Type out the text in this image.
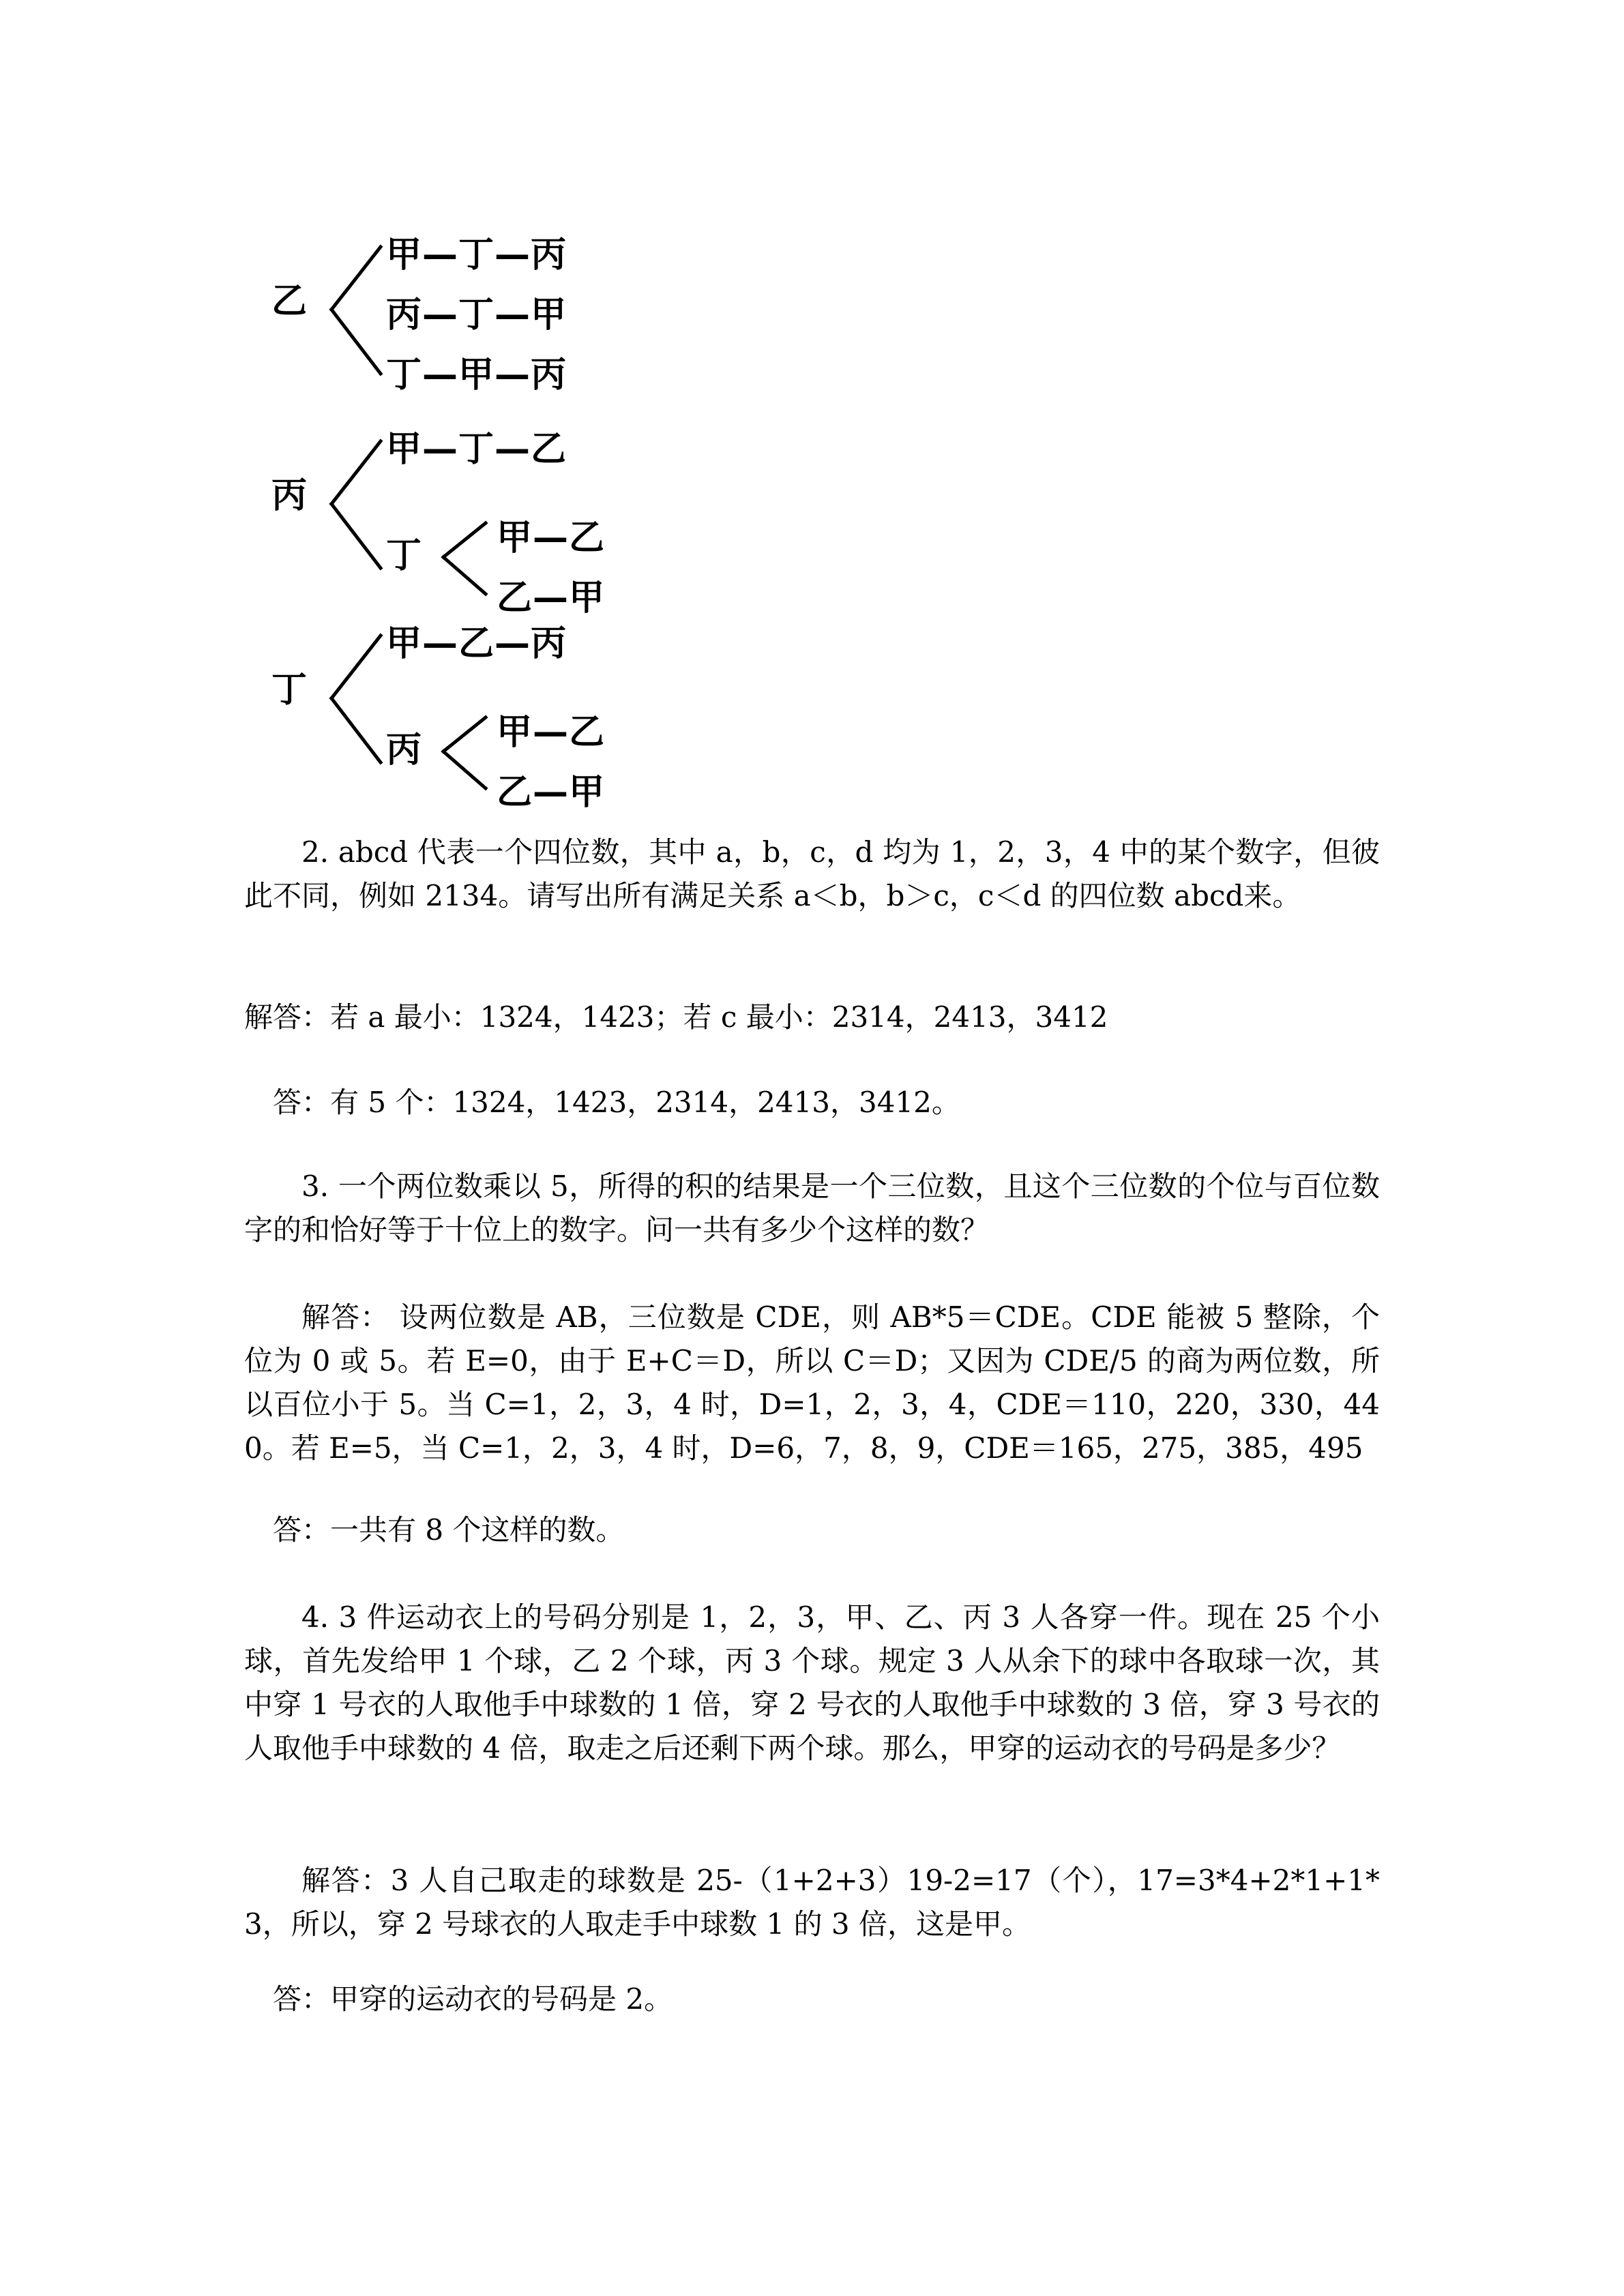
乙
甲—丁—丙
丙—丁—甲
丁—甲—丙
丙
甲—丁—乙
丁 甲—乙
乙—甲
丁
甲—乙—丙
丙 甲—乙
乙—甲
2. abcd 代表一个四位数，其中 a，b，c，d 均为 1，2，3，4 中的某个数字，但彼此不同，例如 2134。请写出所有满足关系 a＜b，b＞c，c＜d 的四位数 abcd来。
解答：若 a 最小：1324，1423；若 c 最小：2314，2413，3412
答：有 5 个：1324，1423，2314，2413，3412。
3. 一个两位数乘以 5，所得的积的结果是一个三位数，且这个三位数的个位与百位数字的和恰好等于十位上的数字。问一共有多少个这样的数？
解答： 设两位数是 AB，三位数是 CDE，则 AB*5＝CDE。CDE 能被 5 整除，个位为 0 或 5。若 E=0，由于 E+C＝D，所以 C＝D；又因为 CDE/5 的商为两位数，所以百位小于 5。当 C=1，2，3，4 时，D=1，2，3，4，CDE＝110，220，330，440。若 E=5，当 C=1，2，3，4 时，D=6，7，8，9，CDE＝165，275，385，495
答：一共有 8 个这样的数。
4. 3 件运动衣上的号码分别是 1，2，3，甲、乙、丙 3 人各穿一件。现在 25 个小球，首先发给甲 1 个球，乙 2 个球，丙 3 个球。规定 3 人从余下的球中各取球一次，其中穿 1 号衣的人取他手中球数的 1 倍，穿 2 号衣的人取他手中球数的 3 倍，穿 3 号衣的人取他手中球数的 4 倍，取走之后还剩下两个球。那么，甲穿的运动衣的号码是多少？
解答：3 人自己取走的球数是 25-（1+2+3）19-2=17（个），17=3*4+2*1+1*3，所以，穿 2 号球衣的人取走手中球数 1 的 3 倍，这是甲。
答：甲穿的运动衣的号码是 2。
